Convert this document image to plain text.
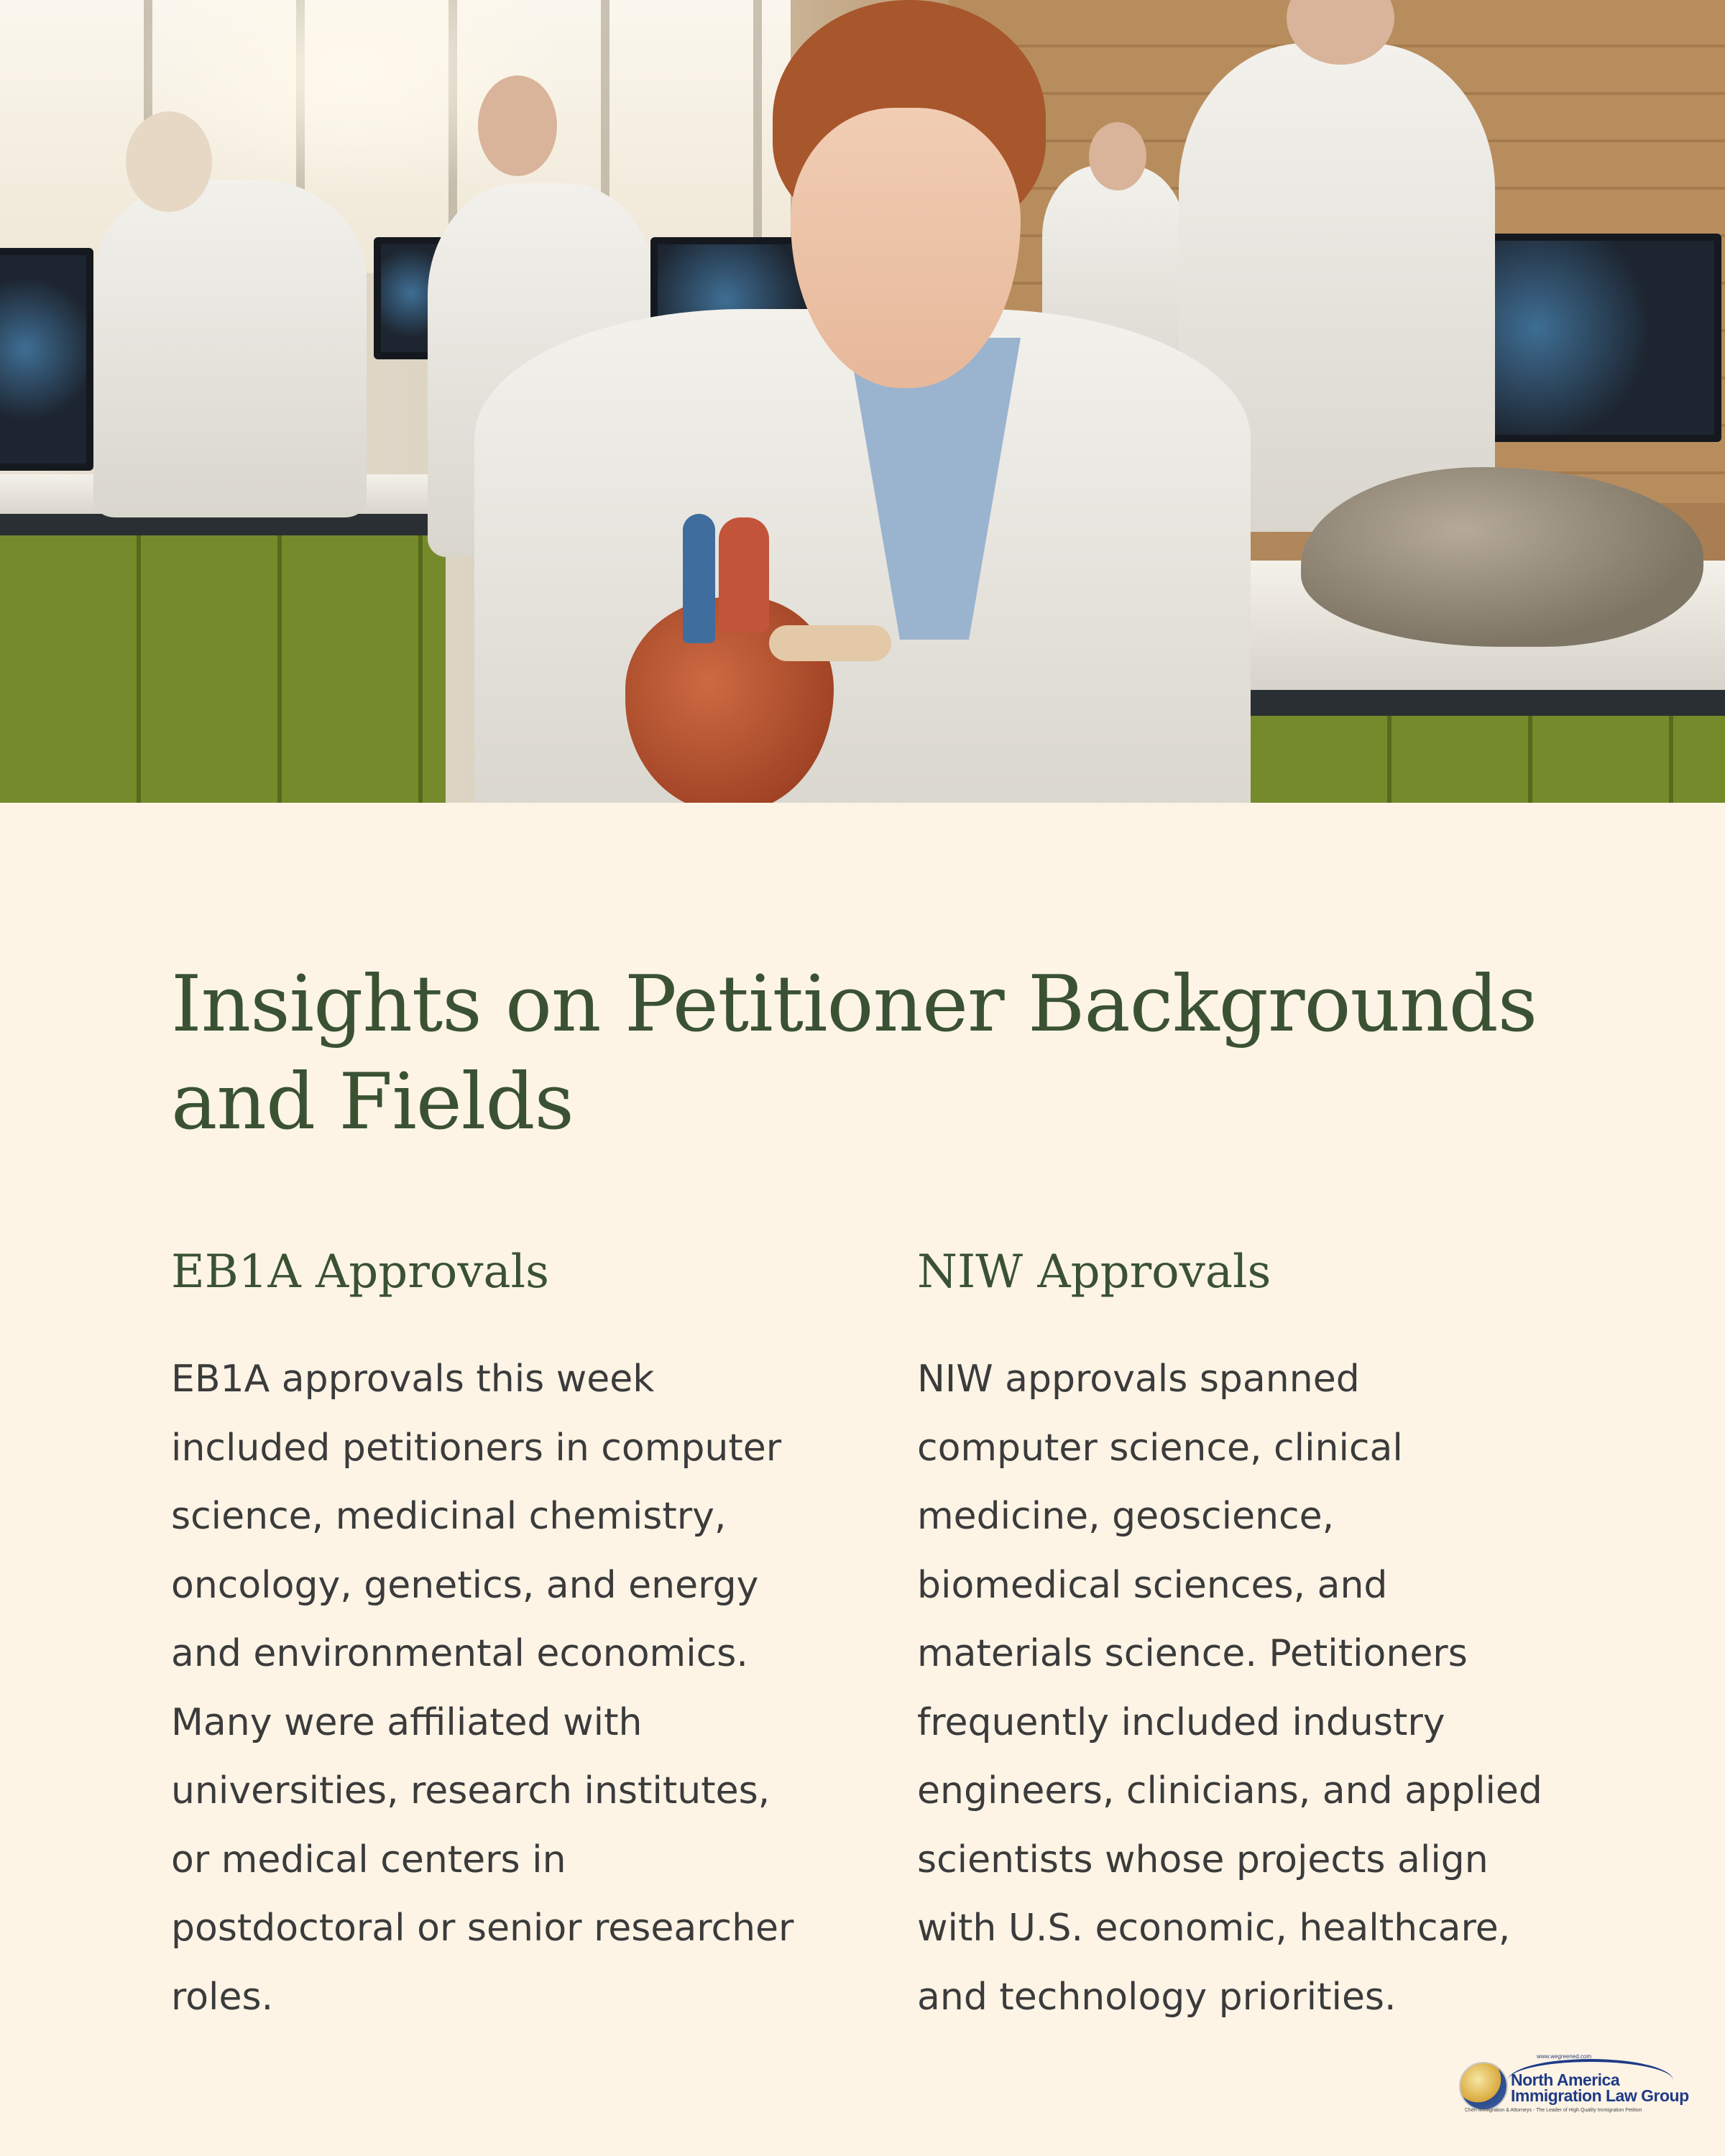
Insights on Petitioner Backgrounds and Fields
EB1A Approvals

EB1A approvals this week included petitioners in computer science, medicinal chemistry, oncology, genetics, and energy and environmental economics. Many were affiliated with universities, research institutes, or medical centers in postdoctoral or senior researcher roles.

NIW Approvals

NIW approvals spanned computer science, clinical medicine, geoscience, biomedical sciences, and materials science. Petitioners frequently included industry engineers, clinicians, and applied scientists whose projects align with U.S. economic, healthcare, and technology priorities.

www.wegreened.com
North America
Immigration Law Group
Chen Immigration & Attorneys - The Leader of High Quality Immigration Petition
